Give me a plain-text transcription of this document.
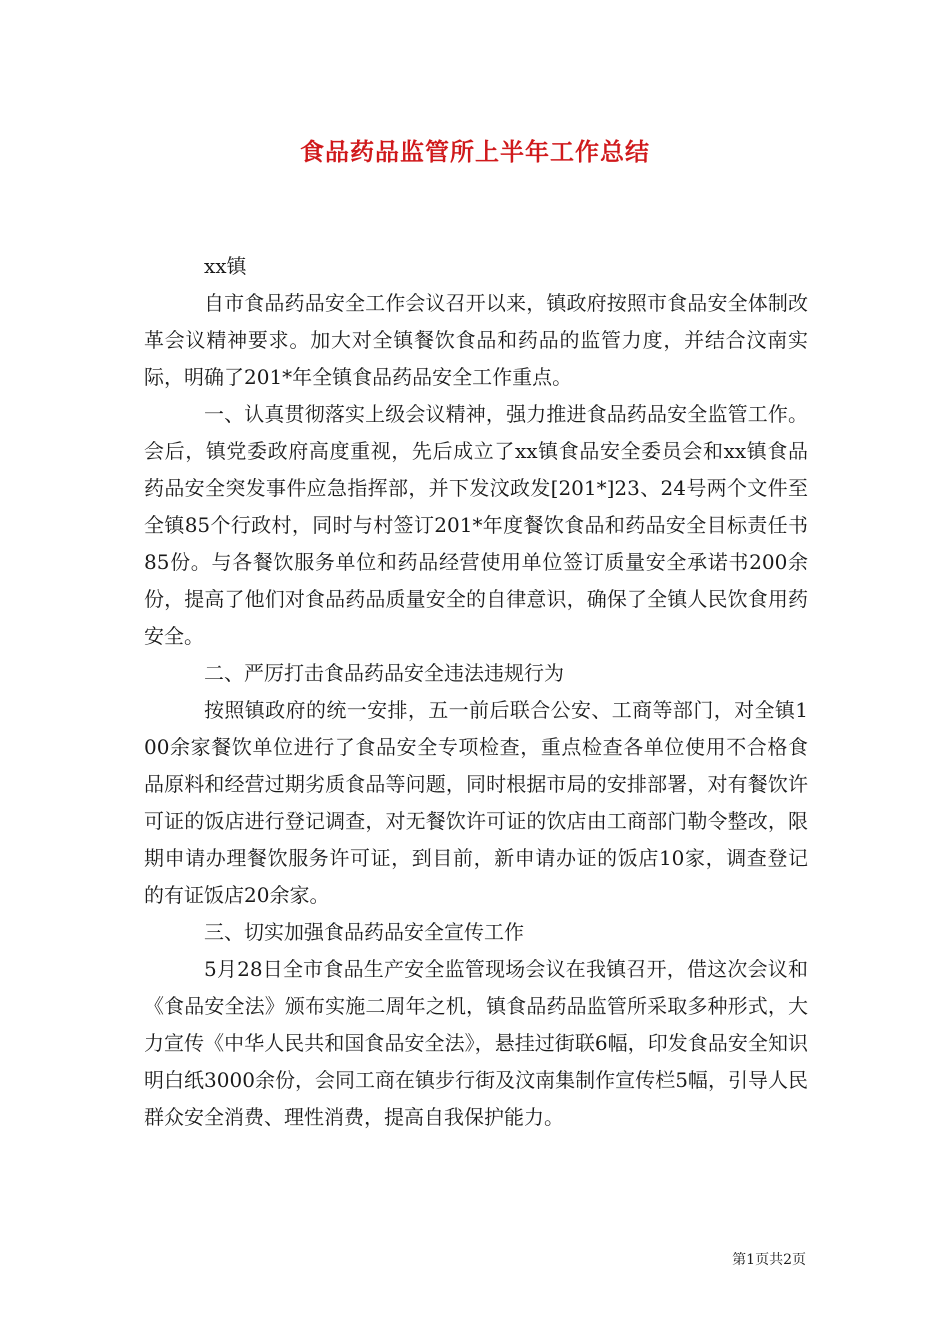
食品药品监管所上半年工作总结

xx镇

自市食品药品安全工作会议召开以来，镇政府按照市食品安全体制改革会议精神要求。加大对全镇餐饮食品和药品的监管力度，并结合汶南实际，明确了201*年全镇食品药品安全工作重点。

一、认真贯彻落实上级会议精神，强力推进食品药品安全监管工作。会后，镇党委政府高度重视，先后成立了xx镇食品安全委员会和xx镇食品药品安全突发事件应急指挥部，并下发汶政发[201*]23、24号两个文件至全镇85个行政村，同时与村签订201*年度餐饮食品和药品安全目标责任书85份。与各餐饮服务单位和药品经营使用单位签订质量安全承诺书200余份，提高了他们对食品药品质量安全的自律意识，确保了全镇人民饮食用药安全。

二、严厉打击食品药品安全违法违规行为

按照镇政府的统一安排，五一前后联合公安、工商等部门，对全镇100余家餐饮单位进行了食品安全专项检查，重点检查各单位使用不合格食品原料和经营过期劣质食品等问题，同时根据市局的安排部署，对有餐饮许可证的饭店进行登记调查，对无餐饮许可证的饮店由工商部门勒令整改，限期申请办理餐饮服务许可证，到目前，新申请办证的饭店10家，调查登记的有证饭店20余家。

三、切实加强食品药品安全宣传工作

5月28日全市食品生产安全监管现场会议在我镇召开，借这次会议和《食品安全法》颁布实施二周年之机，镇食品药品监管所采取多种形式，大力宣传《中华人民共和国食品安全法》，悬挂过街联6幅，印发食品安全知识明白纸3000余份，会同工商在镇步行街及汶南集制作宣传栏5幅，引导人民群众安全消费、理性消费，提高自我保护能力。

第1页共2页
